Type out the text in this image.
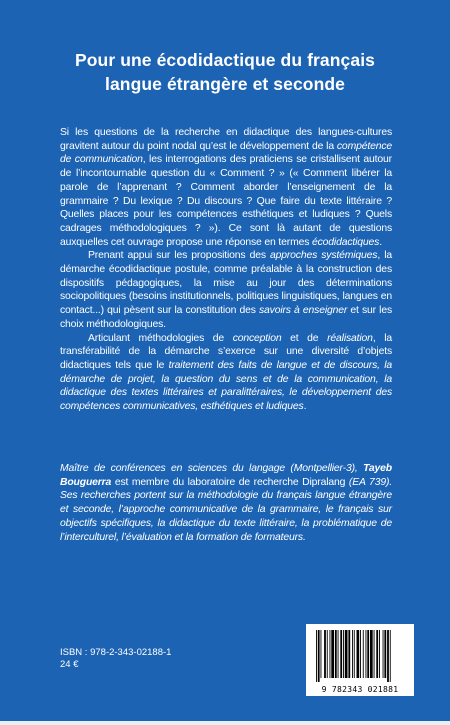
Pour une écodidactique du français
langue étrangère et seconde

Si les questions de la recherche en didactique des langues-cultures gravitent autour du point nodal qu’est le développement de la compétence de communication, les interrogations des praticiens se cristallisent autour de l’incontournable question du « Comment ? » (« Comment libérer la parole de l’apprenant ? Comment aborder l’enseignement de la grammaire ? Du lexique ? Du discours ? Que faire du texte littéraire ? Quelles places pour les compétences esthétiques et ludiques ? Quels cadrages méthodologiques ? »). Ce sont là autant de questions auxquelles cet ouvrage propose une réponse en termes écodidactiques.

Prenant appui sur les propositions des approches systémiques, la démarche écodidactique postule, comme préalable à la construction des dispositifs pédagogiques, la mise au jour des déterminations sociopolitiques (besoins institutionnels, politiques linguistiques, langues en contact...) qui pèsent sur la constitution des savoirs à enseigner et sur les choix méthodologiques.

Articulant méthodologies de conception et de réalisation, la transférabilité de la démarche s’exerce sur une diversité d’objets didactiques tels que le traitement des faits de langue et de discours, la démarche de projet, la question du sens et de la communication, la didactique des textes littéraires et paralittéraires, le développement des compétences communicatives, esthétiques et ludiques.

Maître de conférences en sciences du langage (Montpellier-3), Tayeb Bouguerra est membre du laboratoire de recherche Dipralang (EA 739). Ses recherches portent sur la méthodologie du français langue étrangère et seconde, l’approche communicative de la grammaire, le français sur objectifs spécifiques, la didactique du texte littéraire, la problématique de l’interculturel, l’évaluation et la formation de formateurs.
ISBN : 978-2-343-02188-1
24 €
9 782343 021881
